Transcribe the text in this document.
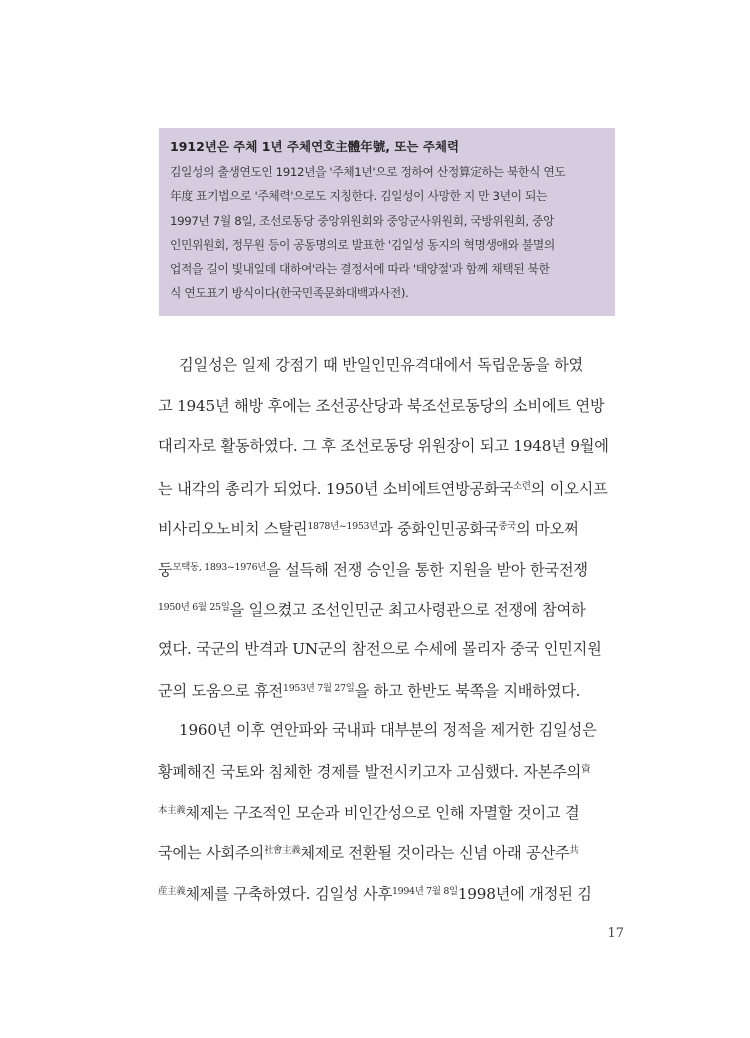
1912년은 주체 1년 주체연호主體年號, 또는 주체력
김일성의 출생연도인 1912년을 '주체1년'으로 정하여 산정算定하는 북한식 연도
年度 표기법으로 '주체력'으로도 지칭한다. 김일성이 사망한 지 만 3년이 되는
1997년 7월 8일, 조선로동당 중앙위원회와 중앙군사위원회, 국방위원회, 중앙
인민위원회, 정무원 등이 공동명의로 발표한 '김일성 동지의 혁명생애와 불멸의
업적을 길이 빛내일데 대하여'라는 결정서에 따라 '태양절'과 함께 채택된 북한
식 연도표기 방식이다(한국민족문화대백과사전).
김일성은 일제 강점기 때 반일인민유격대에서 독립운동을 하였
고 1945년 해방 후에는 조선공산당과 북조선로동당의 소비에트 연방
대리자로 활동하였다. 그 후 조선로동당 위원장이 되고 1948년 9월에
는 내각의 총리가 되었다. 1950년 소비에트연방공화국$^{소련}$의 이오시프
비사리오노비치 스탈린$^{1878년\sim 1953년}$과 중화인민공화국$^{중국}$의 마오쩌
둥$^{모택동, 1893\sim 1976년}$을 설득해 전쟁 승인을 통한 지원을 받아 한국전쟁
$^{1950년 6월 25일}$을 일으켰고 조선인민군 최고사령관으로 전쟁에 참여하
였다. 국군의 반격과 UN군의 참전으로 수세에 몰리자 중국 인민지원
군의 도움으로 휴전$^{1953년 7월 27일}$을 하고 한반도 북쪽을 지배하였다.
1960년 이후 연안파와 국내파 대부분의 정적을 제거한 김일성은
황폐해진 국토와 침체한 경제를 발전시키고자 고심했다. 자본주의$^資$
$^{本主義}$체제는 구조적인 모순과 비인간성으로 인해 자멸할 것이고 결
국에는 사회주의$^{社會主義}$체제로 전환될 것이라는 신념 아래 공산주$^共$
$^{産主義}$체제를 구축하였다. 김일성 사후$^{1994년 7월 8일}$1998년에 개정된 김
17
